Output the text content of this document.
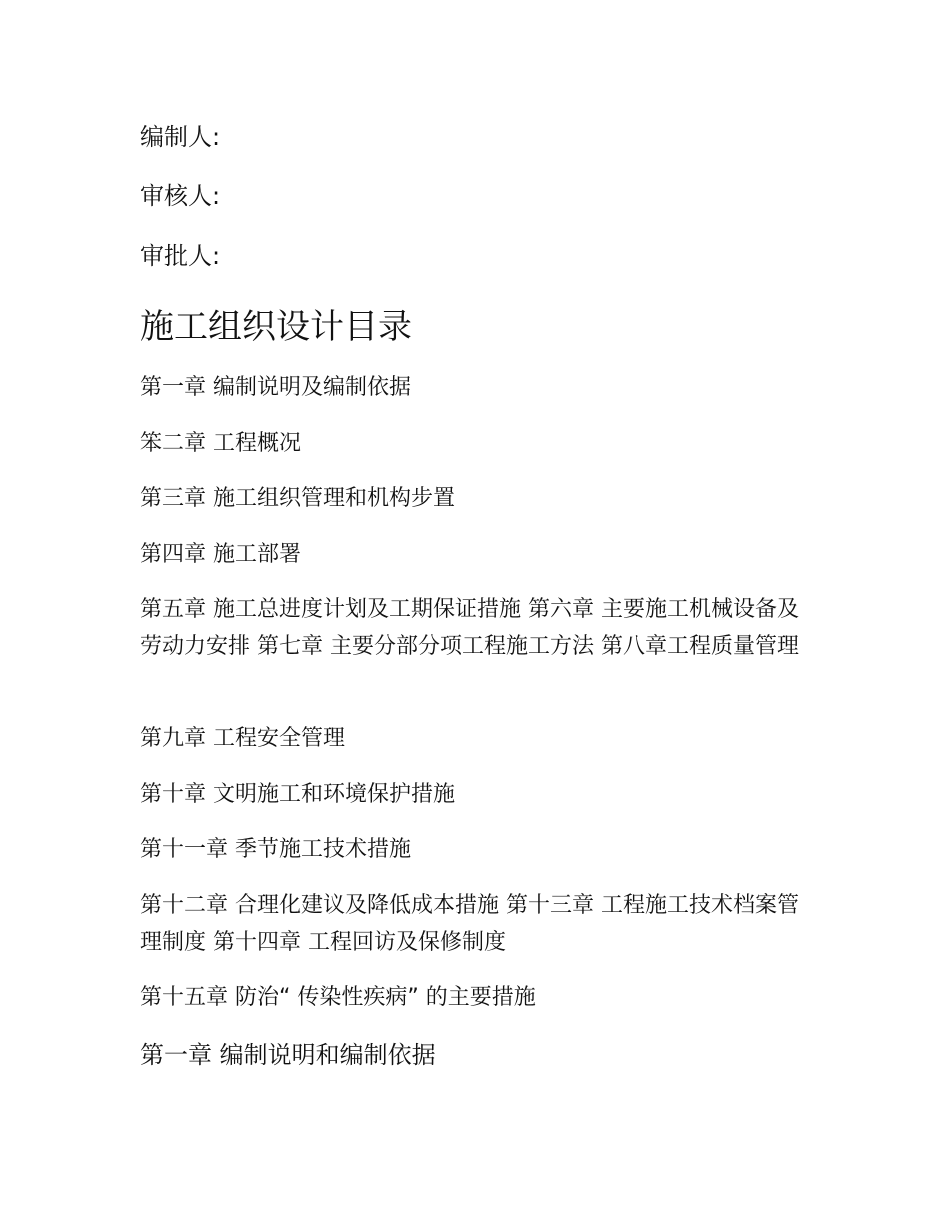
编制人:
审核人:
审批人:
施工组织设计目录
第一章 编制说明及编制依据
笨二章 工程概况
第三章 施工组织管理和机构步置
第四章 施工部署
第五章 施工总进度计划及工期保证措施 第六章 主要施工机械设备及劳动力安排 第七章 主要分部分项工程施工方法 第八章工程质量管理
第九章 工程安全管理
第十章 文明施工和环境保护措施
第十一章 季节施工技术措施
第十二章 合理化建议及降低成本措施 第十三章 工程施工技术档案管理制度 第十四章 工程回访及保修制度
第十五章 防治“ 传染性疾病” 的主要措施
第一章 编制说明和编制依据
